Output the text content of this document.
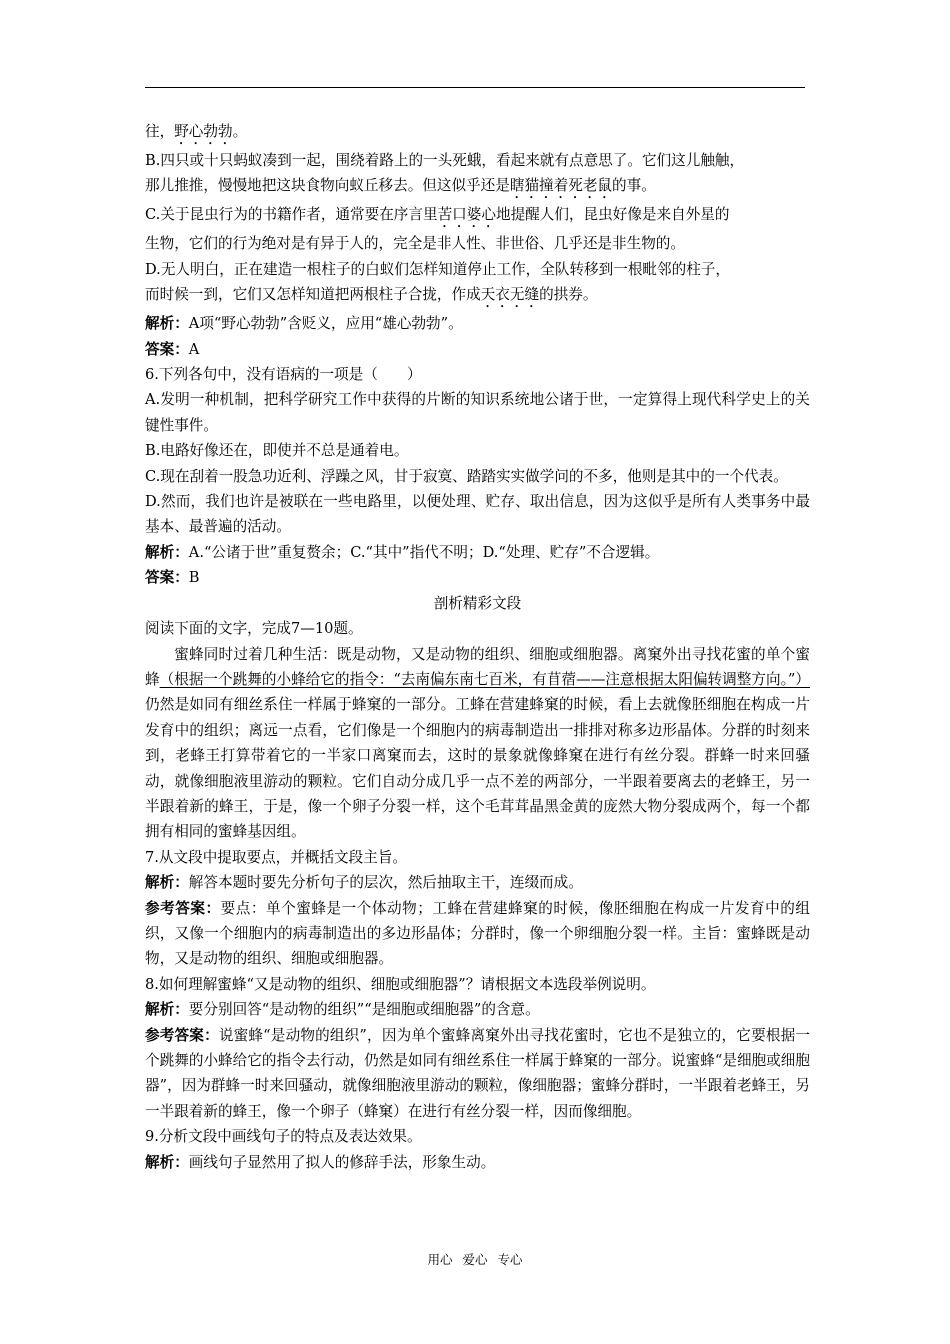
往，野心勃勃。

B.四只或十只蚂蚁凑到一起，围绕着路上的一头死蛾，看起来就有点意思了。它们这儿触触，

那儿推推，慢慢地把这块食物向蚁丘移去。但这似乎还是瞎猫撞着死老鼠的事。

C.关于昆虫行为的书籍作者，通常要在序言里苦口婆心地提醒人们，昆虫好像是来自外星的

生物，它们的行为绝对是有异于人的，完全是非人性、非世俗、几乎还是非生物的。

D.无人明白，正在建造一根柱子的白蚁们怎样知道停止工作，全队转移到一根毗邻的柱子，

而时候一到，它们又怎样知道把两根柱子合拢，作成天衣无缝的拱券。

解析：A项“野心勃勃”含贬义，应用“雄心勃勃”。

答案：A

6.下列各句中，没有语病的一项是（　　）

A.发明一种机制，把科学研究工作中获得的片断的知识系统地公诸于世，一定算得上现代科学史上的关键性事件。

B.电路好像还在，即使并不总是通着电。

C.现在刮着一股急功近利、浮躁之风，甘于寂寞、踏踏实实做学问的不多，他则是其中的一个代表。

D.然而，我们也许是被联在一些电路里，以便处理、贮存、取出信息，因为这似乎是所有人类事务中最基本、最普遍的活动。

解析：A.“公诸于世”重复赘余；C.“其中”指代不明；D.“处理、贮存”不合逻辑。

答案：B

剖析精彩文段

阅读下面的文字，完成7—10题。

蜜蜂同时过着几种生活：既是动物，又是动物的组织、细胞或细胞器。离窠外出寻找花蜜的单个蜜蜂（根据一个跳舞的小蜂给它的指令：“去南偏东南七百米，有苜蓿——注意根据太阳偏转调整方向。”）仍然是如同有细丝系住一样属于蜂窠的一部分。工蜂在营建蜂窠的时候，看上去就像胚细胞在构成一片发育中的组织；离远一点看，它们像是一个细胞内的病毒制造出一排排对称多边形晶体。分群的时刻来到，老蜂王打算带着它的一半家口离窠而去，这时的景象就像蜂窠在进行有丝分裂。群蜂一时来回骚动，就像细胞液里游动的颗粒。它们自动分成几乎一点不差的两部分，一半跟着要离去的老蜂王，另一半跟着新的蜂王，于是，像一个卵子分裂一样，这个毛茸茸晶黑金黄的庞然大物分裂成两个，每一个都拥有相同的蜜蜂基因组。

7.从文段中提取要点，并概括文段主旨。

解析：解答本题时要先分析句子的层次，然后抽取主干，连缀而成。

参考答案：要点：单个蜜蜂是一个体动物；工蜂在营建蜂窠的时候，像胚细胞在构成一片发育中的组织，又像一个细胞内的病毒制造出的多边形晶体；分群时，像一个卵细胞分裂一样。主旨：蜜蜂既是动物，又是动物的组织、细胞或细胞器。

8.如何理解蜜蜂“又是动物的组织、细胞或细胞器”？请根据文本选段举例说明。

解析：要分别回答“是动物的组织”“是细胞或细胞器”的含意。

参考答案：说蜜蜂“是动物的组织”，因为单个蜜蜂离窠外出寻找花蜜时，它也不是独立的，它要根据一个跳舞的小蜂给它的指令去行动，仍然是如同有细丝系住一样属于蜂窠的一部分。说蜜蜂“是细胞或细胞器”，因为群蜂一时来回骚动，就像细胞液里游动的颗粒，像细胞器；蜜蜂分群时，一半跟着老蜂王，另一半跟着新的蜂王，像一个卵子（蜂窠）在进行有丝分裂一样，因而像细胞。

9.分析文段中画线句子的特点及表达效果。

解析：画线句子显然用了拟人的修辞手法，形象生动。

用心 爱心 专心
